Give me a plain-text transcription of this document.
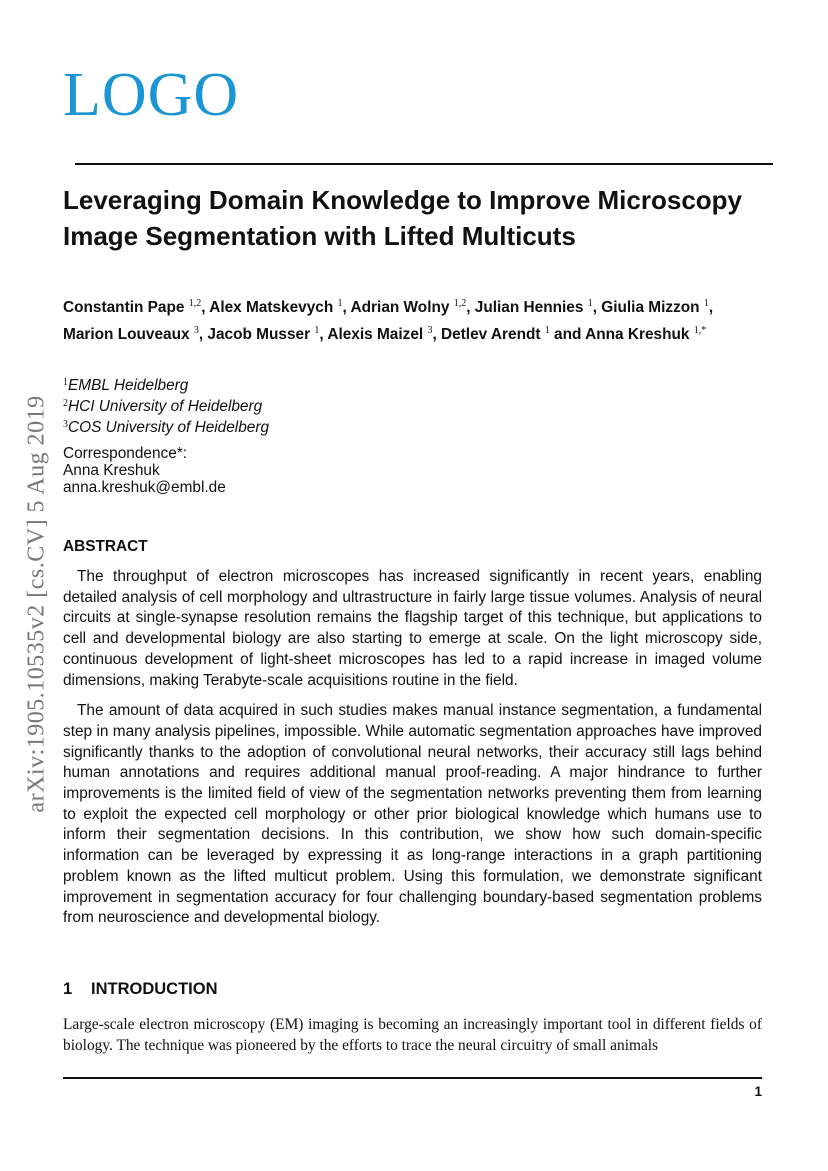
LOGO
arXiv:1905.10535v2 [cs.CV] 5 Aug 2019
Leveraging Domain Knowledge to Improve Microscopy Image Segmentation with Lifted Multicuts
Constantin Pape $^{1,2}$, Alex Matskevych $^1$, Adrian Wolny $^{1,2}$, Julian Hennies $^1$, Giulia Mizzon $^1$, Marion Louveaux $^3$, Jacob Musser $^1$, Alexis Maizel $^3$, Detlev Arendt $^1$ and Anna Kreshuk $^{1,*}$
$^1$EMBL Heidelberg
$^2$HCI University of Heidelberg
$^3$COS University of Heidelberg
Correspondence*:
Anna Kreshuk
anna.kreshuk@embl.de
ABSTRACT

The throughput of electron microscopes has increased significantly in recent years, enabling detailed analysis of cell morphology and ultrastructure in fairly large tissue volumes. Analysis of neural circuits at single-synapse resolution remains the flagship target of this technique, but applications to cell and developmental biology are also starting to emerge at scale. On the light microscopy side, continuous development of light-sheet microscopes has led to a rapid increase in imaged volume dimensions, making Terabyte-scale acquisitions routine in the field.

The amount of data acquired in such studies makes manual instance segmentation, a fundamental step in many analysis pipelines, impossible. While automatic segmentation approaches have improved significantly thanks to the adoption of convolutional neural networks, their accuracy still lags behind human annotations and requires additional manual proof-reading. A major hindrance to further improvements is the limited field of view of the segmentation networks preventing them from learning to exploit the expected cell morphology or other prior biological knowledge which humans use to inform their segmentation decisions. In this contribution, we show how such domain-specific information can be leveraged by expressing it as long-range interactions in a graph partitioning problem known as the lifted multicut problem. Using this formulation, we demonstrate significant improvement in segmentation accuracy for four challenging boundary-based segmentation problems from neuroscience and developmental biology.

1 INTRODUCTION

Large-scale electron microscopy (EM) imaging is becoming an increasingly important tool in different fields of biology. The technique was pioneered by the efforts to trace the neural circuitry of small animals

1
